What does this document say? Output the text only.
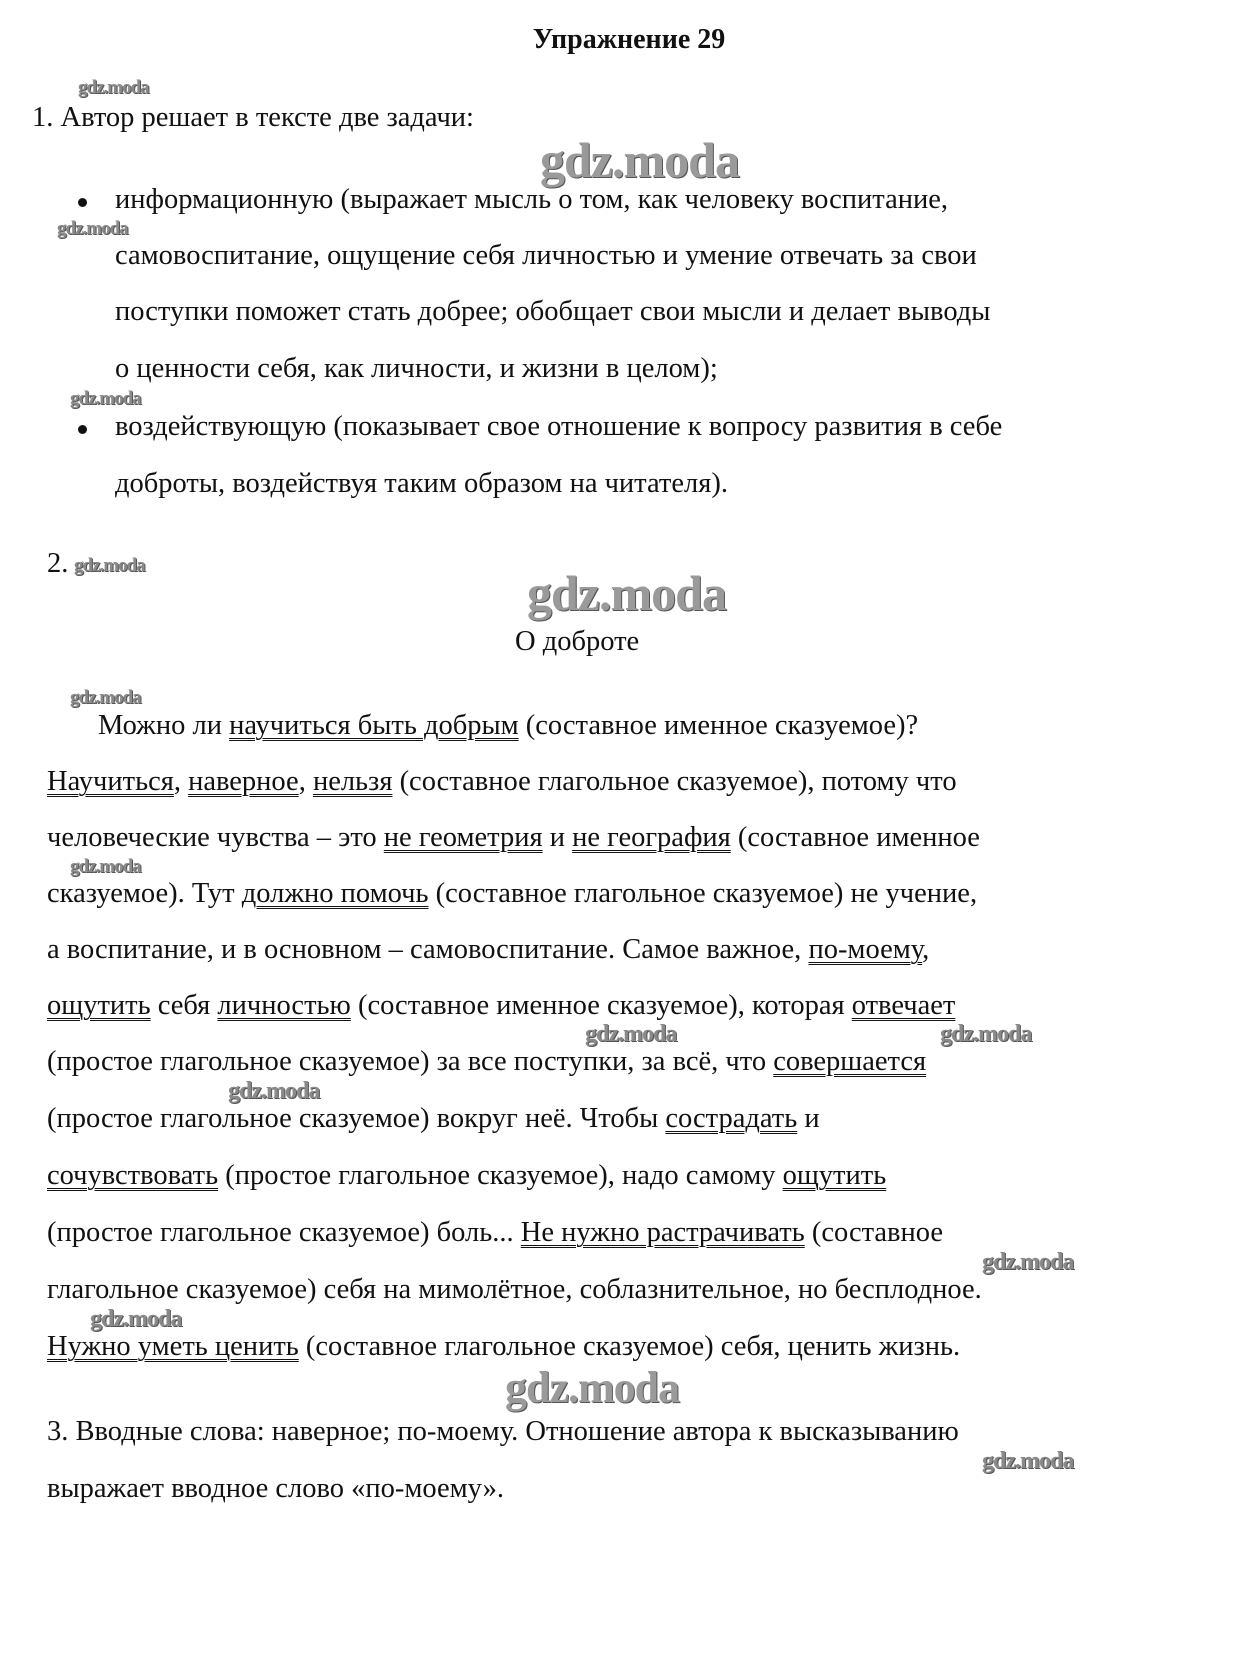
Упражнение 29
О доброте
gdz.moda
gdz.moda
gdz.moda
gdz.moda
gdz.moda	gdz.moda
gdz.moda
gdz.moda
gdz.moda	gdz.moda
gdz.moda
gdz.moda
gdz.moda
gdz.moda
gdz.moda
1. Автор решает в тексте две задачи:
информационную (выражает мысль о том, как человеку воспитание,
самовоспитание, ощущение себя личностью и умение отвечать за свои
поступки поможет стать добрее; обобщает свои мысли и делает выводы
о ценности себя, как личности, и жизни в целом);
воздействующую (показывает свое отношение к вопросу развития в себе
доброты, воздействуя таким образом на читателя).
2.
Можно ли научиться быть добрым (составное именное сказуемое)?
Научиться, наверное, нельзя (составное глагольное сказуемое), потому что
человеческие чувства – это не геометрия и не география (составное именное
сказуемое). Тут должно помочь (составное глагольное сказуемое) не учение,
а воспитание, и в основном – самовоспитание. Самое важное, по-моему,
ощутить себя личностью (составное именное сказуемое), которая отвечает
(простое глагольное сказуемое) за все поступки, за всё, что совершается
(простое глагольное сказуемое) вокруг неё. Чтобы сострадать и
сочувствовать (простое глагольное сказуемое), надо самому ощутить
(простое глагольное сказуемое) боль... Не нужно растрачивать (составное
глагольное сказуемое) себя на мимолётное, соблазнительное, но бесплодное.
Нужно уметь ценить (составное глагольное сказуемое) себя, ценить жизнь.
3. Вводные слова: наверное; по-моему. Отношение автора к высказыванию
выражает вводное слово «по-моему».
